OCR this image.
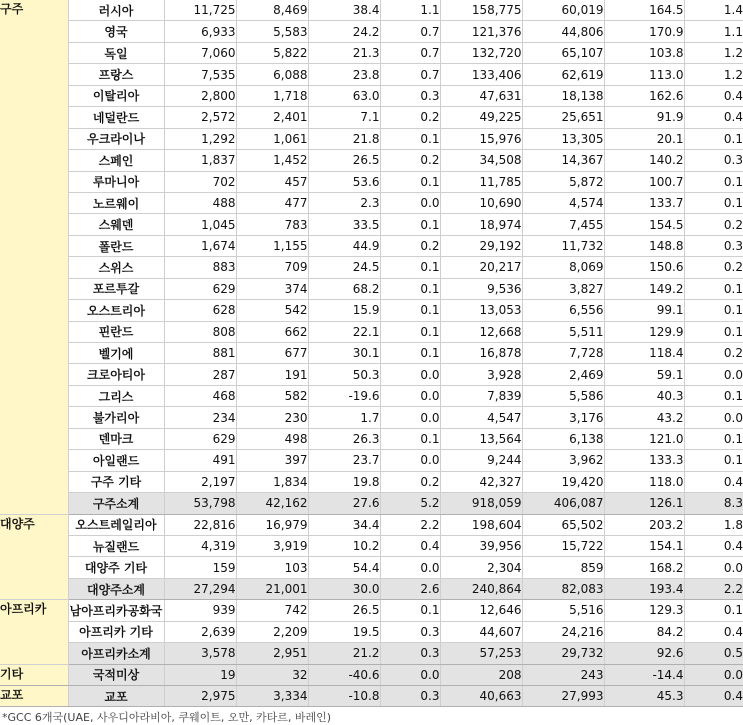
구주	러시아	11,725	8,469	38.4	1.1	158,775	60,019	164.5	1.4
	영국	6,933	5,583	24.2	0.7	121,376	44,806	170.9	1.1
	독일	7,060	5,822	21.3	0.7	132,720	65,107	103.8	1.2
	프랑스	7,535	6,088	23.8	0.7	133,406	62,619	113.0	1.2
	이탈리아	2,800	1,718	63.0	0.3	47,631	18,138	162.6	0.4
	네덜란드	2,572	2,401	7.1	0.2	49,225	25,651	91.9	0.4
	우크라이나	1,292	1,061	21.8	0.1	15,976	13,305	20.1	0.1
	스페인	1,837	1,452	26.5	0.2	34,508	14,367	140.2	0.3
	루마니아	702	457	53.6	0.1	11,785	5,872	100.7	0.1
	노르웨이	488	477	2.3	0.0	10,690	4,574	133.7	0.1
	스웨덴	1,045	783	33.5	0.1	18,974	7,455	154.5	0.2
	폴란드	1,674	1,155	44.9	0.2	29,192	11,732	148.8	0.3
	스위스	883	709	24.5	0.1	20,217	8,069	150.6	0.2
	포르투갈	629	374	68.2	0.1	9,536	3,827	149.2	0.1
	오스트리아	628	542	15.9	0.1	13,053	6,556	99.1	0.1
	핀란드	808	662	22.1	0.1	12,668	5,511	129.9	0.1
	벨기에	881	677	30.1	0.1	16,878	7,728	118.4	0.2
	크로아티아	287	191	50.3	0.0	3,928	2,469	59.1	0.0
	그리스	468	582	-19.6	0.0	7,839	5,586	40.3	0.1
	불가리아	234	230	1.7	0.0	4,547	3,176	43.2	0.0
	덴마크	629	498	26.3	0.1	13,564	6,138	121.0	0.1
	아일랜드	491	397	23.7	0.0	9,244	3,962	133.3	0.1
	구주 기타	2,197	1,834	19.8	0.2	42,327	19,420	118.0	0.4
	구주소계	53,798	42,162	27.6	5.2	918,059	406,087	126.1	8.3
대양주	오스트레일리아	22,816	16,979	34.4	2.2	198,604	65,502	203.2	1.8
	뉴질랜드	4,319	3,919	10.2	0.4	39,956	15,722	154.1	0.4
	대양주 기타	159	103	54.4	0.0	2,304	859	168.2	0.0
	대양주소계	27,294	21,001	30.0	2.6	240,864	82,083	193.4	2.2
아프리카	남아프리카공화국	939	742	26.5	0.1	12,646	5,516	129.3	0.1
	아프리카 기타	2,639	2,209	19.5	0.3	44,607	24,216	84.2	0.4
	아프리카소계	3,578	2,951	21.2	0.3	57,253	29,732	92.6	0.5
기타	국적미상	19	32	-40.6	0.0	208	243	-14.4	0.0
교포	교포	2,975	3,334	-10.8	0.3	40,663	27,993	45.3	0.4
*GCC 6개국(UAE, 사우디아라비아, 쿠웨이트, 오만, 카타르, 바레인)
